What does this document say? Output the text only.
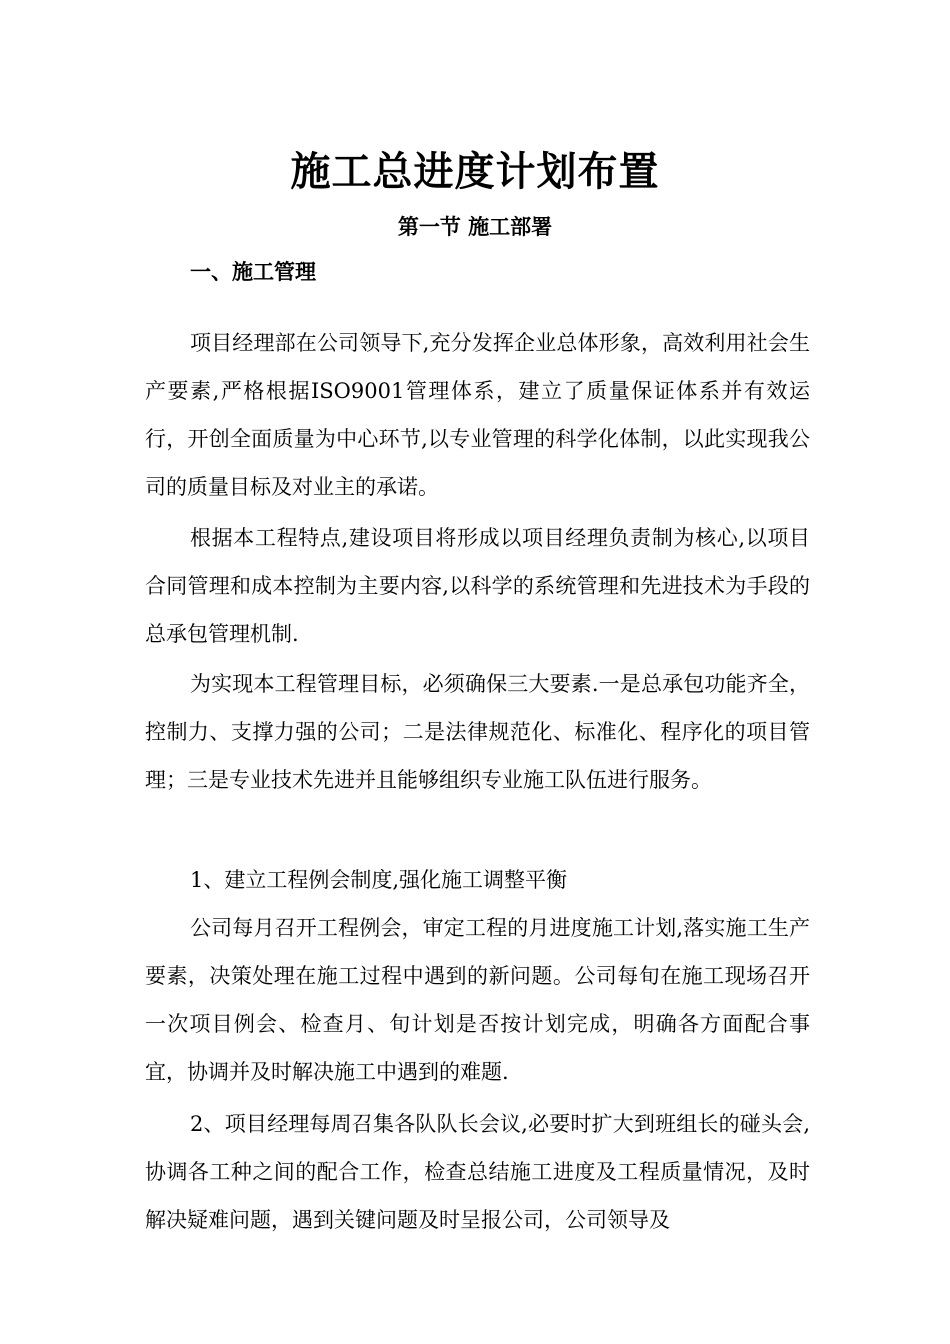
施工总进度计划布置
第一节 施工部署
一、施工管理

项目经理部在公司领导下,充分发挥企业总体形象，高效利用社会生产要素,严格根据ISO9001管理体系，建立了质量保证体系并有效运行，开创全面质量为中心环节,以专业管理的科学化体制，以此实现我公司的质量目标及对业主的承诺。

根据本工程特点,建设项目将形成以项目经理负责制为核心,以项目合同管理和成本控制为主要内容,以科学的系统管理和先进技术为手段的总承包管理机制.

为实现本工程管理目标，必须确保三大要素.一是总承包功能齐全，控制力、支撑力强的公司；二是法律规范化、标准化、程序化的项目管理；三是专业技术先进并且能够组织专业施工队伍进行服务。

1、建立工程例会制度,强化施工调整平衡

公司每月召开工程例会，审定工程的月进度施工计划,落实施工生产要素，决策处理在施工过程中遇到的新问题。公司每旬在施工现场召开一次项目例会、检查月、旬计划是否按计划完成，明确各方面配合事宜，协调并及时解决施工中遇到的难题.

2、项目经理每周召集各队队长会议,必要时扩大到班组长的碰头会,协调各工种之间的配合工作，检查总结施工进度及工程质量情况，及时解决疑难问题，遇到关键问题及时呈报公司，公司领导及
